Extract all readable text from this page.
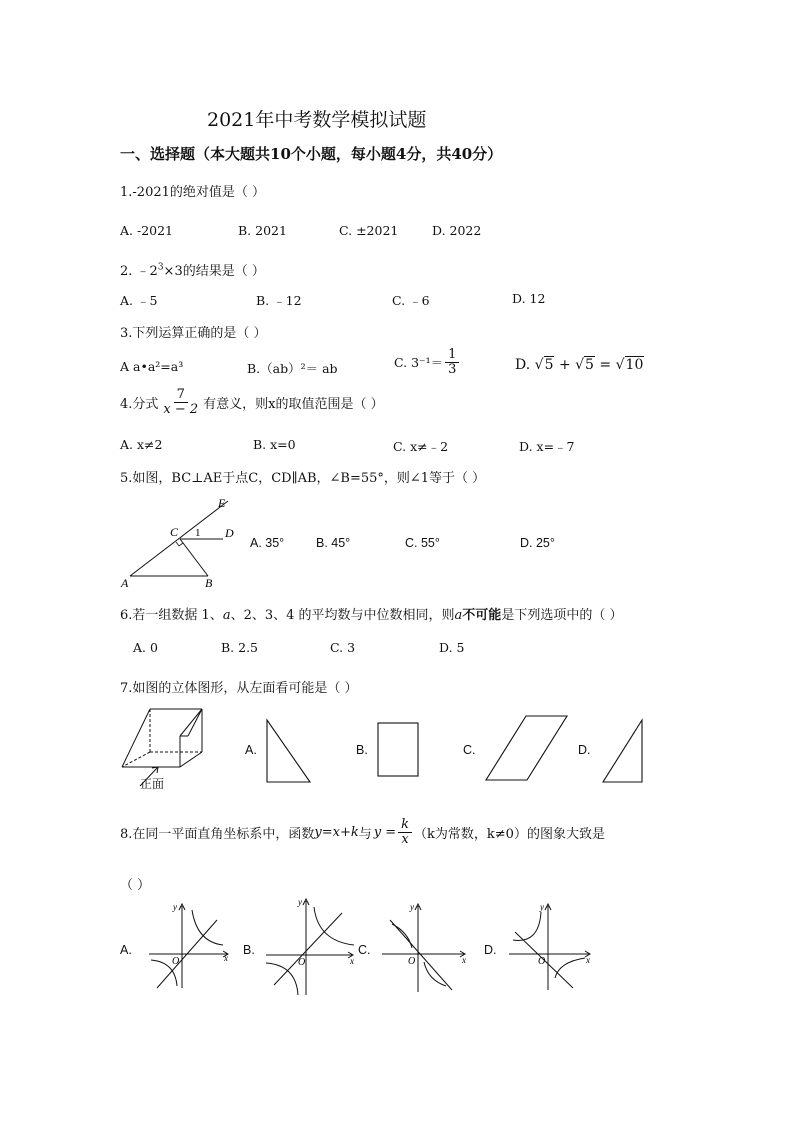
2021年中考数学模拟试题
一、选择题（本大题共10个小题，每小题4分，共40分）
1.-2021的绝对值是（ ）
A. -2021	B. 2021	C. ±2021	D. 2022
2. $﹣2^3\times 3$的结果是（ ）
A. ﹣5	B. ﹣12	C. ﹣6	D. 12
3.下列运算正确的是（ ）
A a•a²=a³	B.（ab）²＝ ab	C. $3^{-1}= \frac{1}{3}$	D. √5 + √5 = √10
4.分式 $\frac{7}{x - 2}$ 有意义，则x的取值范围是（ ）
A. x≠2	B. x=0	C. x≠﹣2	D. x=﹣7
5.如图，BC⊥AE于点C，CD∥AB，∠B=55°，则∠1等于（ ）
E
C 1 D
A	B
A. 35°	B. 45°	C. 55°	D. 25°
6.若一组数据 1、a、2、3、4 的平均数与中位数相同，则a不可能是下列选项中的（ ）
A. 0	B. 2.5	C. 3	D. 5
7.如图的立体图形，从左面看可能是（ ）
正面
A.	B.	C.	D.
8.在同一平面直角坐标系中，函数 y=x+k 与 $y = \frac{k}{x} (k$为常数，k≠0）的图象大致是
（ ）
A.
y
x
O
B.
y
x
O
C.
y
x
O
D.
y
x
O
